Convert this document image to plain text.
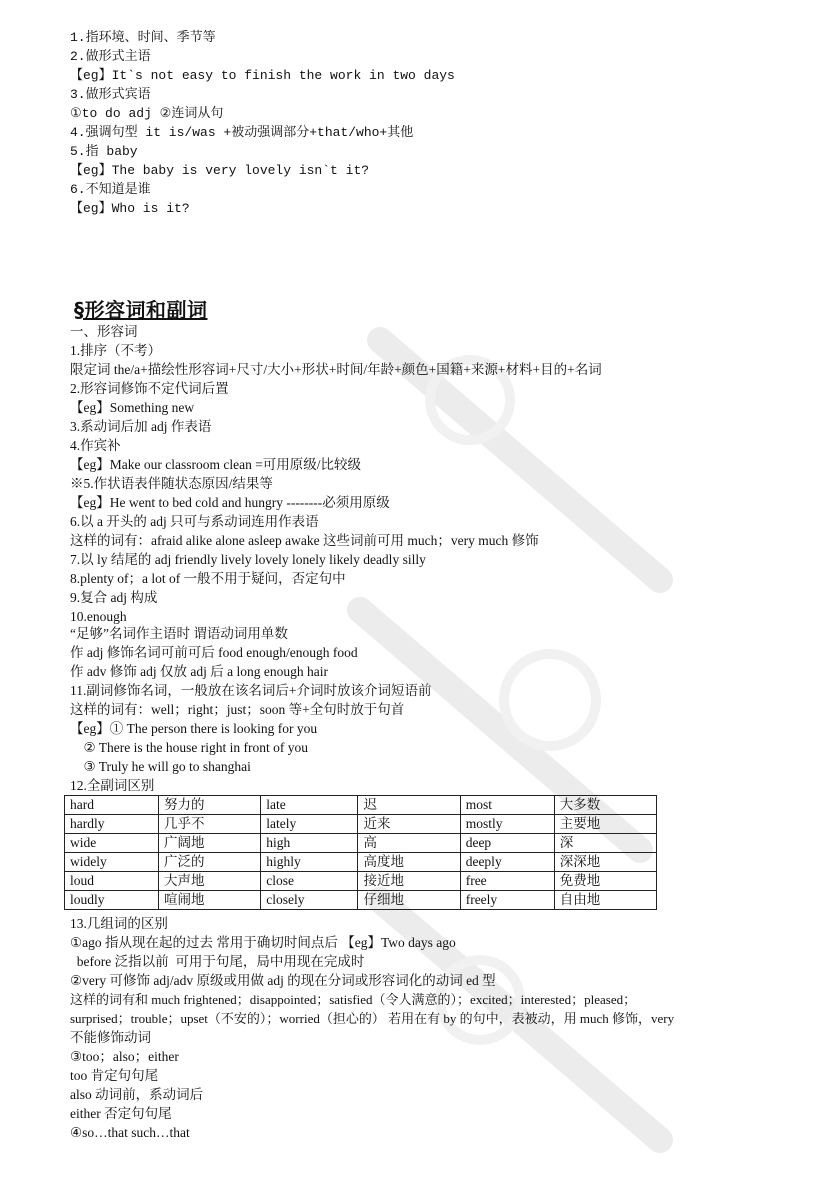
1.指环境、时间、季节等
2.做形式主语
【eg】It`s not easy to finish the work in two days
3.做形式宾语
①to do adj ②连词从句
4.强调句型 it is/was +被动强调部分+that/who+其他
5.指 baby
【eg】The baby is very lovely isn`t it?
6.不知道是谁
【eg】Who is it?
§形容词和副词
一、形容词
1.排序（不考）
限定词 the/a+描绘性形容词+尺寸/大小+形状+时间/年龄+颜色+国籍+来源+材料+目的+名词
2.形容词修饰不定代词后置
【eg】Something new
3.系动词后加 adj 作表语
4.作宾补
【eg】Make our classroom clean =可用原级/比较级
※5.作状语表伴随状态原因/结果等
【eg】He went to bed cold and hungry --------必须用原级
6.以 a 开头的 adj 只可与系动词连用作表语
这样的词有：afraid alike alone asleep awake 这些词前可用 much；very much 修饰
7.以 ly 结尾的 adj friendly lively lovely lonely likely deadly silly
8.plenty of；a lot of 一般不用于疑问，否定句中
9.复合 adj 构成
10.enough
“足够”名词作主语时 谓语动词用单数
作 adj 修饰名词可前可后 food enough/enough food
作 adv 修饰 adj 仅放 adj 后 a long enough hair
11.副词修饰名词，一般放在该名词后+介词时放该介词短语前
这样的词有：well；right；just；soon 等+全句时放于句首
【eg】① The person there is looking for you
② There is the house right in front of you
③ Truly he will go to shanghai
12.全副词区别
hard	努力的	late	迟	most	大多数
hardly	几乎不	lately	近来	mostly	主要地
wide	广阔地	high	高	deep	深
widely	广泛的	highly	高度地	deeply	深深地
loud	大声地	close	接近地	free	免费地
loudly	喧闹地	closely	仔细地	freely	自由地
13.几组词的区别
①ago 指从现在起的过去 常用于确切时间点后 【eg】Two days ago
before 泛指以前  可用于句尾，局中用现在完成时
②very 可修饰 adj/adv 原级或用做 adj 的现在分词或形容词化的动词 ed 型
这样的词有和 much frightened；disappointed；satisfied（令人满意的）；excited；interested；pleased；
surprised；trouble；upset（不安的）；worried（担心的） 若用在有 by 的句中，表被动，用 much 修饰，very
不能修饰动词
③too；also；either
too 肯定句句尾
also 动词前，系动词后
either 否定句句尾
④so…that such…that
